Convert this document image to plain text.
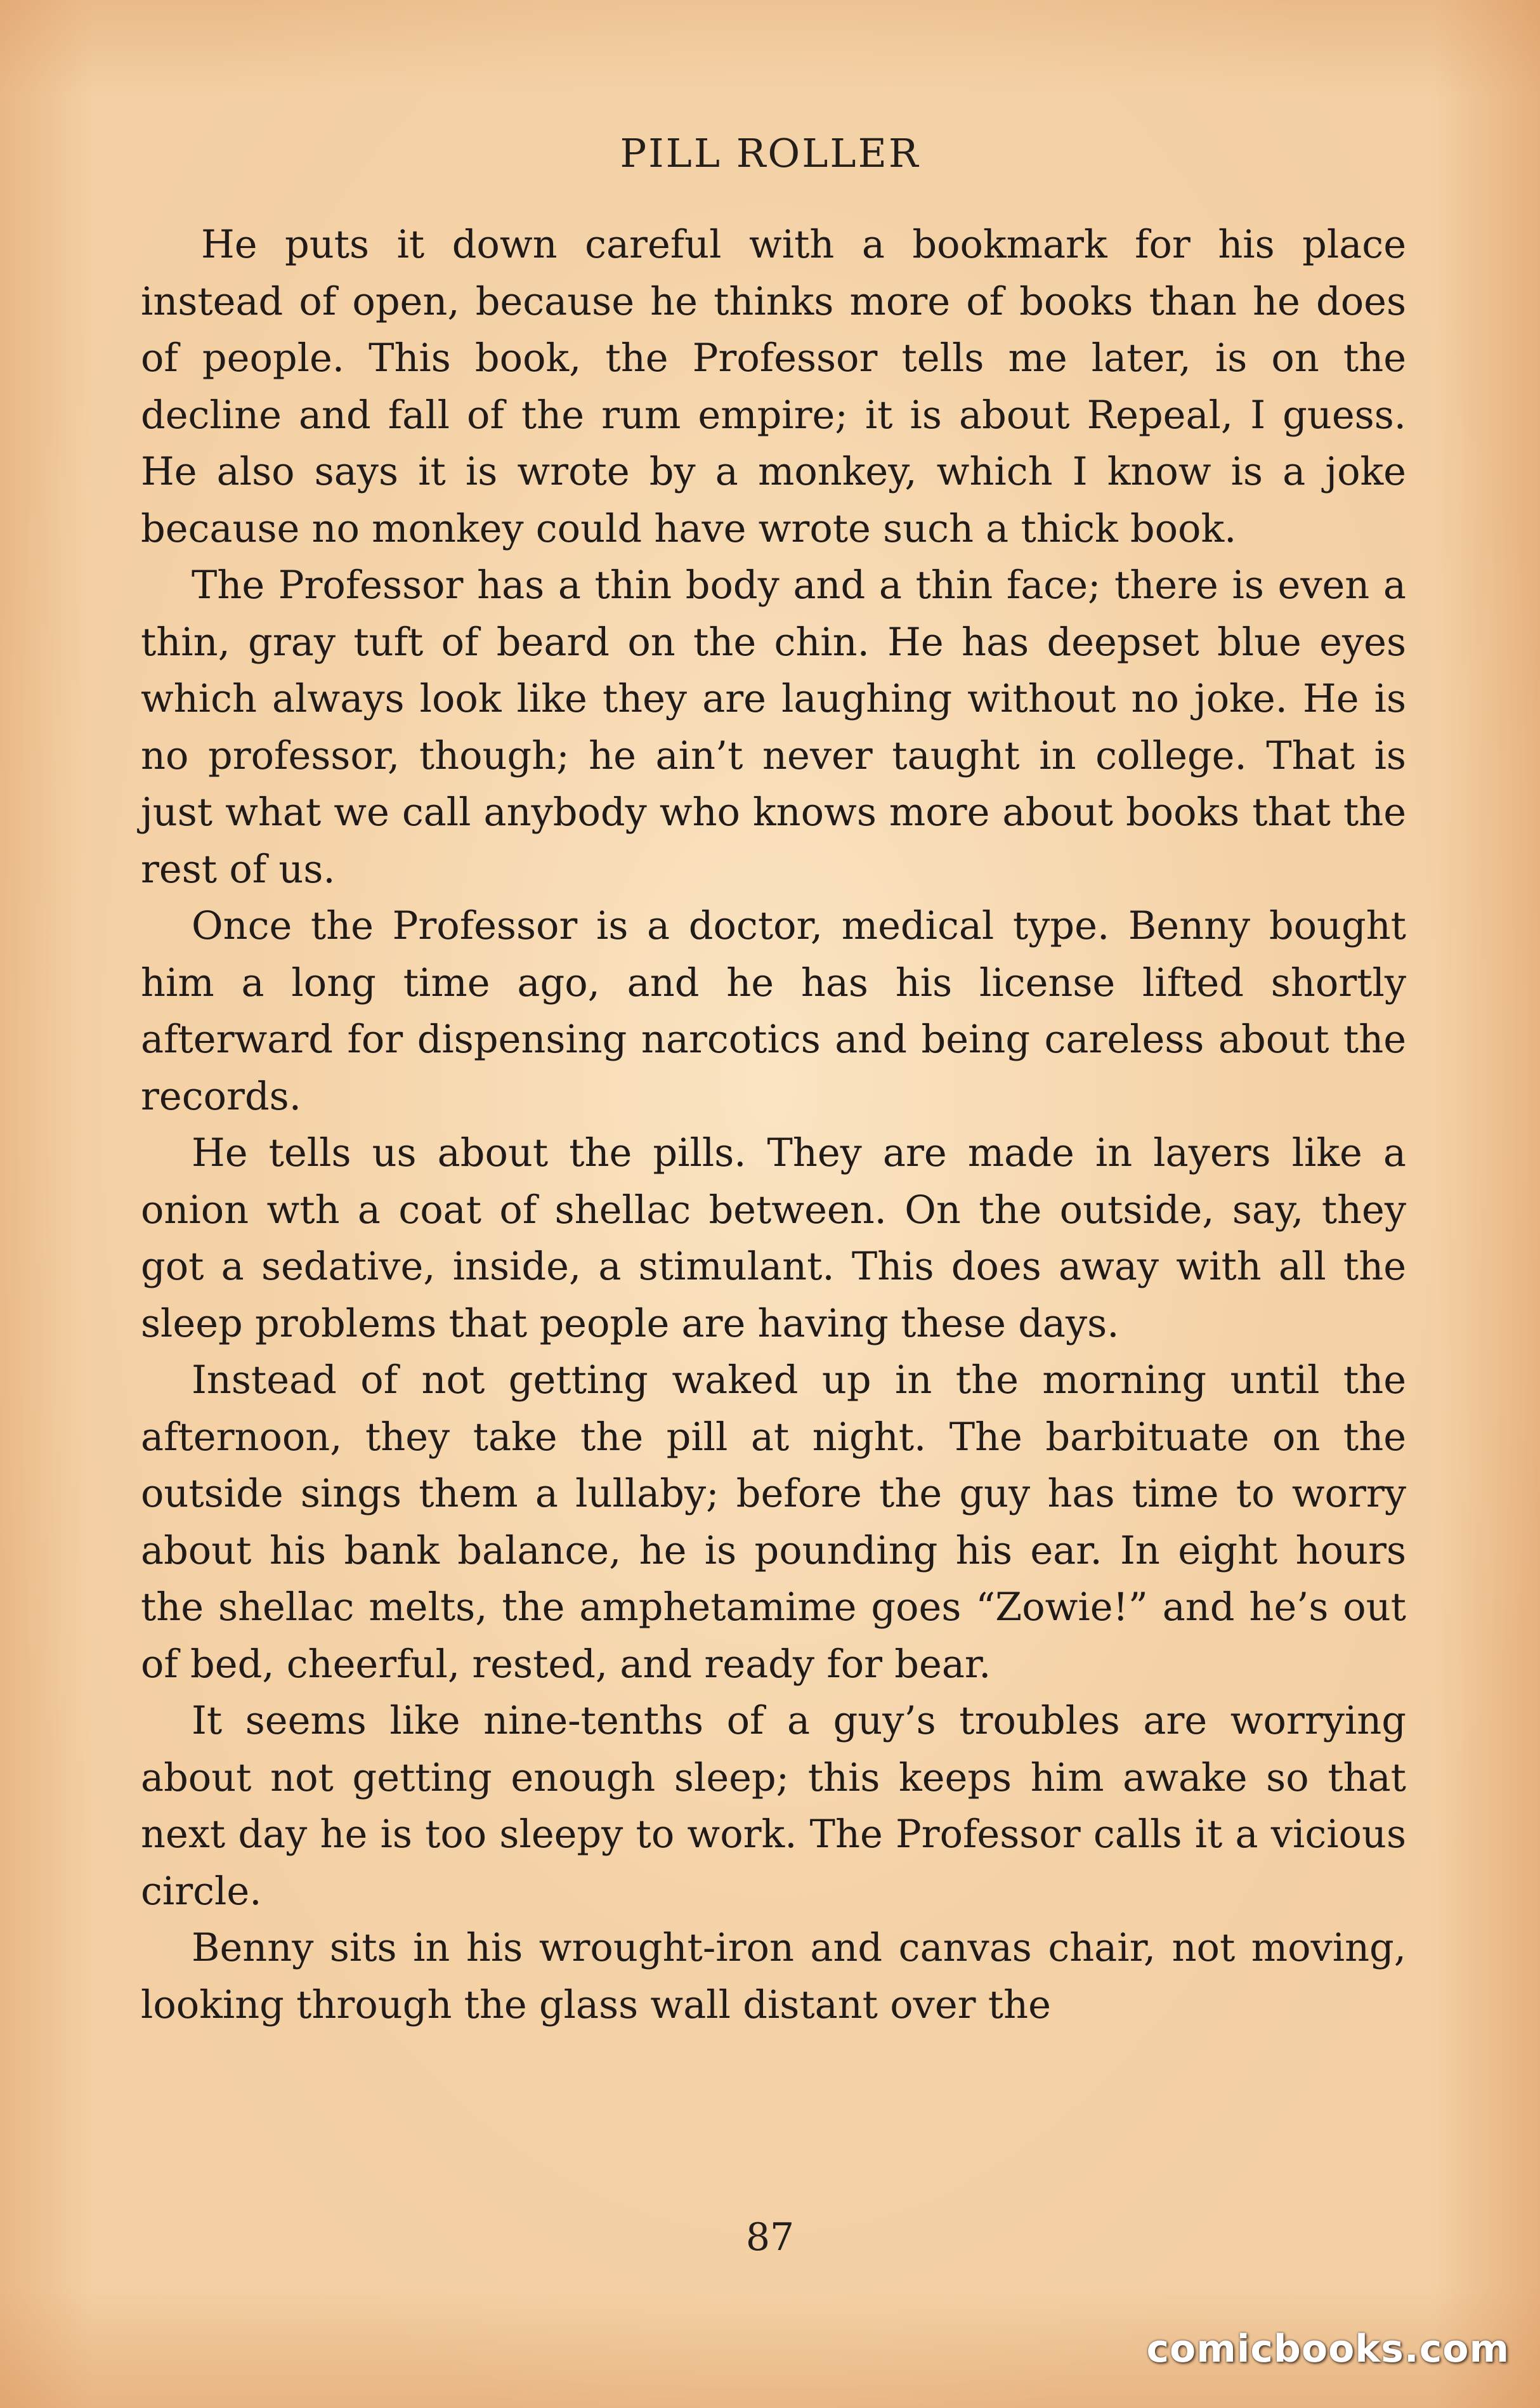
PILL ROLLER

He puts it down careful with a bookmark for his place instead of open, because he thinks more of books than he does of people. This book, the Professor tells me later, is on the decline and fall of the rum empire; it is about Repeal, I guess. He also says it is wrote by a monkey, which I know is a joke because no monkey could have wrote such a thick book.

The Professor has a thin body and a thin face; there is even a thin, gray tuft of beard on the chin. He has deepset blue eyes which always look like they are laughing without no joke. He is no professor, though; he ain’t never taught in college. That is just what we call anybody who knows more about books that the rest of us.

Once the Professor is a doctor, medical type. Benny bought him a long time ago, and he has his license lifted shortly afterward for dispensing narcotics and being careless about the records.

He tells us about the pills. They are made in layers like a onion wth a coat of shellac between. On the outside, say, they got a sedative, inside, a stimulant. This does away with all the sleep problems that people are having these days.

Instead of not getting waked up in the morning until the afternoon, they take the pill at night. The barbituate on the outside sings them a lullaby; before the guy has time to worry about his bank balance, he is pounding his ear. In eight hours the shellac melts, the amphetamime goes “Zowie!” and he’s out of bed, cheerful, rested, and ready for bear.

It seems like nine-tenths of a guy’s troubles are worrying about not getting enough sleep; this keeps him awake so that next day he is too sleepy to work. The Professor calls it a vicious circle.

Benny sits in his wrought-iron and canvas chair, not moving, looking through the glass wall distant over the

87
comicbooks.com
